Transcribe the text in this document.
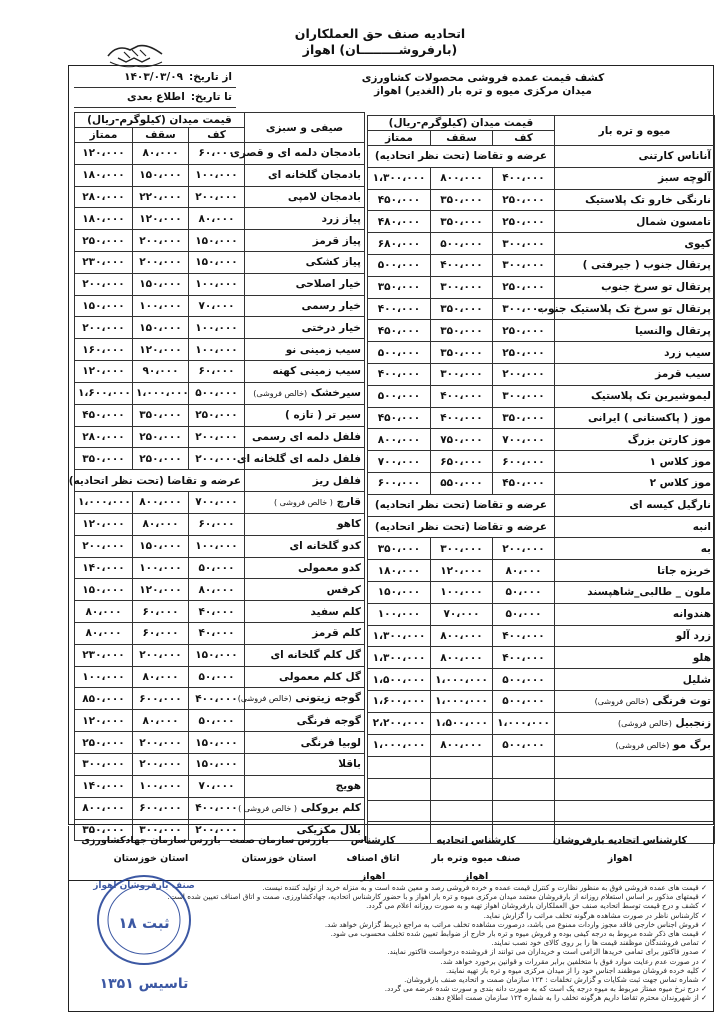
اتحادیه صنف حق العملکاران
(بارفروشـــــــــان) اهواز
از تاریخ:
۱۴۰۳/۰۳/۰۹
تا تاریخ:
اطلاع بعدی
کشف قیمت عمده فروشی محصولات کشاورزی
میدان مرکزی میوه و تره بار (الغدیر) اهواز
میوه و تره بار	قیمت میدان (کیلوگرم-ریال)		
	کف	سقف	ممتاز
آناناس کارتنی	عرضه و تقاضا (تحت نظر اتحادیه)		
آلوچه سبز	۴۰۰،۰۰۰	۸۰۰،۰۰۰	۱،۳۰۰،۰۰۰
نارنگی خارو تک پلاستیک	۲۵۰،۰۰۰	۳۵۰،۰۰۰	۴۵۰،۰۰۰
تامسون شمال	۲۵۰،۰۰۰	۳۵۰،۰۰۰	۴۸۰،۰۰۰
کیوی	۳۰۰،۰۰۰	۵۰۰،۰۰۰	۶۸۰،۰۰۰
پرتقال جنوب ( جیرفتی )	۳۰۰،۰۰۰	۴۰۰،۰۰۰	۵۰۰،۰۰۰
پرتقال تو سرخ جنوب	۲۵۰،۰۰۰	۳۰۰،۰۰۰	۳۵۰،۰۰۰
پرتقال تو سرخ تک پلاستیک جنوب	۳۰۰،۰۰۰	۳۵۰،۰۰۰	۴۰۰،۰۰۰
پرتقال والنسیا	۲۵۰،۰۰۰	۳۵۰،۰۰۰	۴۵۰،۰۰۰
سیب زرد	۲۵۰،۰۰۰	۳۵۰،۰۰۰	۵۰۰،۰۰۰
سیب قرمز	۲۰۰،۰۰۰	۳۰۰،۰۰۰	۴۰۰،۰۰۰
لیموشیرین تک پلاستیک	۳۰۰،۰۰۰	۴۰۰،۰۰۰	۵۰۰،۰۰۰
موز ( پاکستانی ) ایرانی	۳۵۰،۰۰۰	۴۰۰،۰۰۰	۴۵۰،۰۰۰
موز کارتن بزرگ	۷۰۰،۰۰۰	۷۵۰،۰۰۰	۸۰۰،۰۰۰
موز کلاس ۱	۶۰۰،۰۰۰	۶۵۰،۰۰۰	۷۰۰،۰۰۰
موز کلاس ۲	۴۵۰،۰۰۰	۵۵۰،۰۰۰	۶۰۰،۰۰۰
نارگیل کیسه ای	عرضه و تقاضا (تحت نظر اتحادیه)		
انبه	عرضه و تقاضا (تحت نظر اتحادیه)		
به	۲۰۰،۰۰۰	۳۰۰،۰۰۰	۳۵۰،۰۰۰
خربزه جاتا	۸۰،۰۰۰	۱۲۰،۰۰۰	۱۸۰،۰۰۰
ملون _ طالبی_شاهپسند	۵۰،۰۰۰	۱۰۰،۰۰۰	۱۵۰،۰۰۰
هندوانه	۵۰،۰۰۰	۷۰،۰۰۰	۱۰۰،۰۰۰
زرد آلو	۴۰۰،۰۰۰	۸۰۰،۰۰۰	۱،۳۰۰،۰۰۰
هلو	۴۰۰،۰۰۰	۸۰۰،۰۰۰	۱،۳۰۰،۰۰۰
شلیل	۵۰۰،۰۰۰	۱،۰۰۰،۰۰۰	۱،۵۰۰،۰۰۰
توت فرنگی (خالص فروشی)	۵۰۰،۰۰۰	۱،۰۰۰،۰۰۰	۱،۶۰۰،۰۰۰
زنجبیل (خالص فروشی)	۱،۰۰۰،۰۰۰	۱،۵۰۰،۰۰۰	۲،۲۰۰،۰۰۰
برگ مو (خالص فروشی)	۵۰۰،۰۰۰	۸۰۰،۰۰۰	۱،۰۰۰،۰۰۰

صیفی و سبزی	قیمت میدان (کیلوگرم-ریال)		
	کف	سقف	ممتاز
بادمجان دلمه ای و قصری	۶۰،۰۰۰	۸۰،۰۰۰	۱۲۰،۰۰۰
بادمجان گلخانه ای	۱۰۰،۰۰۰	۱۵۰،۰۰۰	۱۸۰،۰۰۰
بادمجان لامپی	۲۰۰،۰۰۰	۲۲۰،۰۰۰	۲۸۰،۰۰۰
پیاز زرد	۸۰،۰۰۰	۱۲۰،۰۰۰	۱۸۰،۰۰۰
پیاز قرمز	۱۵۰،۰۰۰	۲۰۰،۰۰۰	۲۵۰،۰۰۰
پیاز کشکی	۱۵۰،۰۰۰	۲۰۰،۰۰۰	۲۳۰،۰۰۰
خیار اصلاحی	۱۰۰،۰۰۰	۱۵۰،۰۰۰	۲۰۰،۰۰۰
خیار رسمی	۷۰،۰۰۰	۱۰۰،۰۰۰	۱۵۰،۰۰۰
خیار درختی	۱۰۰،۰۰۰	۱۵۰،۰۰۰	۲۰۰،۰۰۰
سیب زمینی نو	۱۰۰،۰۰۰	۱۲۰،۰۰۰	۱۶۰،۰۰۰
سیب زمینی کهنه	۶۰،۰۰۰	۹۰،۰۰۰	۱۲۰،۰۰۰
سیرخشک (خالص فروشی)	۵۰۰،۰۰۰	۱،۰۰۰،۰۰۰	۱،۶۰۰،۰۰۰
سیر تر ( تازه )	۲۵۰،۰۰۰	۳۵۰،۰۰۰	۴۵۰،۰۰۰
فلفل دلمه ای رسمی	۲۰۰،۰۰۰	۲۵۰،۰۰۰	۲۸۰،۰۰۰
فلفل دلمه ای گلخانه ای	۲۰۰،۰۰۰	۲۵۰،۰۰۰	۳۵۰،۰۰۰
فلفل ریز	عرضه و تقاضا (تحت نظر اتحادیه)		
قارچ ( خالص فروشی )	۷۰۰،۰۰۰	۸۰۰،۰۰۰	۱،۰۰۰،۰۰۰
کاهو	۶۰،۰۰۰	۸۰،۰۰۰	۱۲۰،۰۰۰
کدو گلخانه ای	۱۰۰،۰۰۰	۱۵۰،۰۰۰	۲۰۰،۰۰۰
کدو معمولی	۵۰،۰۰۰	۱۰۰،۰۰۰	۱۴۰،۰۰۰
کرفس	۸۰،۰۰۰	۱۲۰،۰۰۰	۱۵۰،۰۰۰
کلم سفید	۴۰،۰۰۰	۶۰،۰۰۰	۸۰،۰۰۰
کلم قرمز	۴۰،۰۰۰	۶۰،۰۰۰	۸۰،۰۰۰
گل کلم گلخانه ای	۱۵۰،۰۰۰	۲۰۰،۰۰۰	۲۳۰،۰۰۰
گل کلم معمولی	۵۰،۰۰۰	۸۰،۰۰۰	۱۰۰،۰۰۰
گوجه زیتونی (خالص فروشی)	۴۰۰،۰۰۰	۶۰۰،۰۰۰	۸۵۰،۰۰۰
گوجه فرنگی	۵۰،۰۰۰	۸۰،۰۰۰	۱۲۰،۰۰۰
لوبیا فرنگی	۱۵۰،۰۰۰	۲۰۰،۰۰۰	۲۵۰،۰۰۰
باقلا	۱۵۰،۰۰۰	۲۰۰،۰۰۰	۳۰۰،۰۰۰
هویج	۷۰،۰۰۰	۱۰۰،۰۰۰	۱۴۰،۰۰۰
کلم بروکلی ( خالص فروشی )	۴۰۰،۰۰۰	۶۰۰،۰۰۰	۸۰۰،۰۰۰
بلال مکزیکی	۲۰۰،۰۰۰	۳۰۰،۰۰۰	۳۵۰،۰۰۰
کارشناس اتحادیه بارفروشان اهواز
کارشناس اتحادیه
صنف میوه وتره بار اهواز
کارشناس
اتاق اصناف اهواز
بازرس سازمان صمت
استان خوزستان
بازرس سازمان جهادکشاورزی
استان خوزستان
✓ قیمت های عمده فروشی فوق به منظور نظارت و کنترل قیمت عمده و خرده فروشی رصد و معین شده است و به منزله خرید از تولید کننده نیست.
✓ قیمتهای مذکور بر اساس استعلام روزانه از بارفروشان معتمد میدان مرکزی میوه و تره بار اهواز و با حضور کارشناس اتحادیه، جهادکشاورزی، صمت و اتاق اصناف تعیین شده است.
✓ کشف و درج قیمت توسط اتحادیه صنف حق العملکاران بارفروشان اهواز تهیه و به صورت روزانه اعلام می گردد.
✓ کارشناس ناظر در صورت مشاهده هرگونه تخلف مراتب را گزارش نماید.
✓ فروش اجناس خارجی فاقد مجوز واردات ممنوع می باشد، درصورت مشاهده تخلف مراتب به مراجع ذیربط گزارش خواهد شد.
✓ قیمت های ذکر شده مربوط به درجه کیفی بوده و فروش میوه و تره بار خارج از ضوابط تعیین شده تخلف محسوب می شود.
✓ تمامی فروشندگان موظفند قیمت ها را بر روی کالای خود نصب نمایند.
✓ صدور فاکتور برای تمامی خریدها الزامی است و خریداران می توانند از فروشنده درخواست فاکتور نمایند.
✓ در صورت عدم رعایت موارد فوق با متخلفین برابر مقررات و قوانین برخورد خواهد شد.
✓ کلیه خرده فروشان موظفند اجناس خود را از میدان مرکزی میوه و تره بار تهیه نمایند.
✓ شماره تماس جهت ثبت شکایات و گزارش تخلفات : ۱۲۴ سازمان صمت و اتحادیه صنف بارفروشان.
✓ درج نرخ میوه ممتاز مربوط به میوه درجه یک است که به صورت دانه بندی و سورت شده عرضه می گردد.
✓ از شهروندان محترم تقاضا داریم هرگونه تخلف را به شماره ۱۲۴ سازمان صمت اطلاع دهند.
صنف بارفروشان اهواز
ثبت ۱۸
تاسیس ۱۳۵۱
